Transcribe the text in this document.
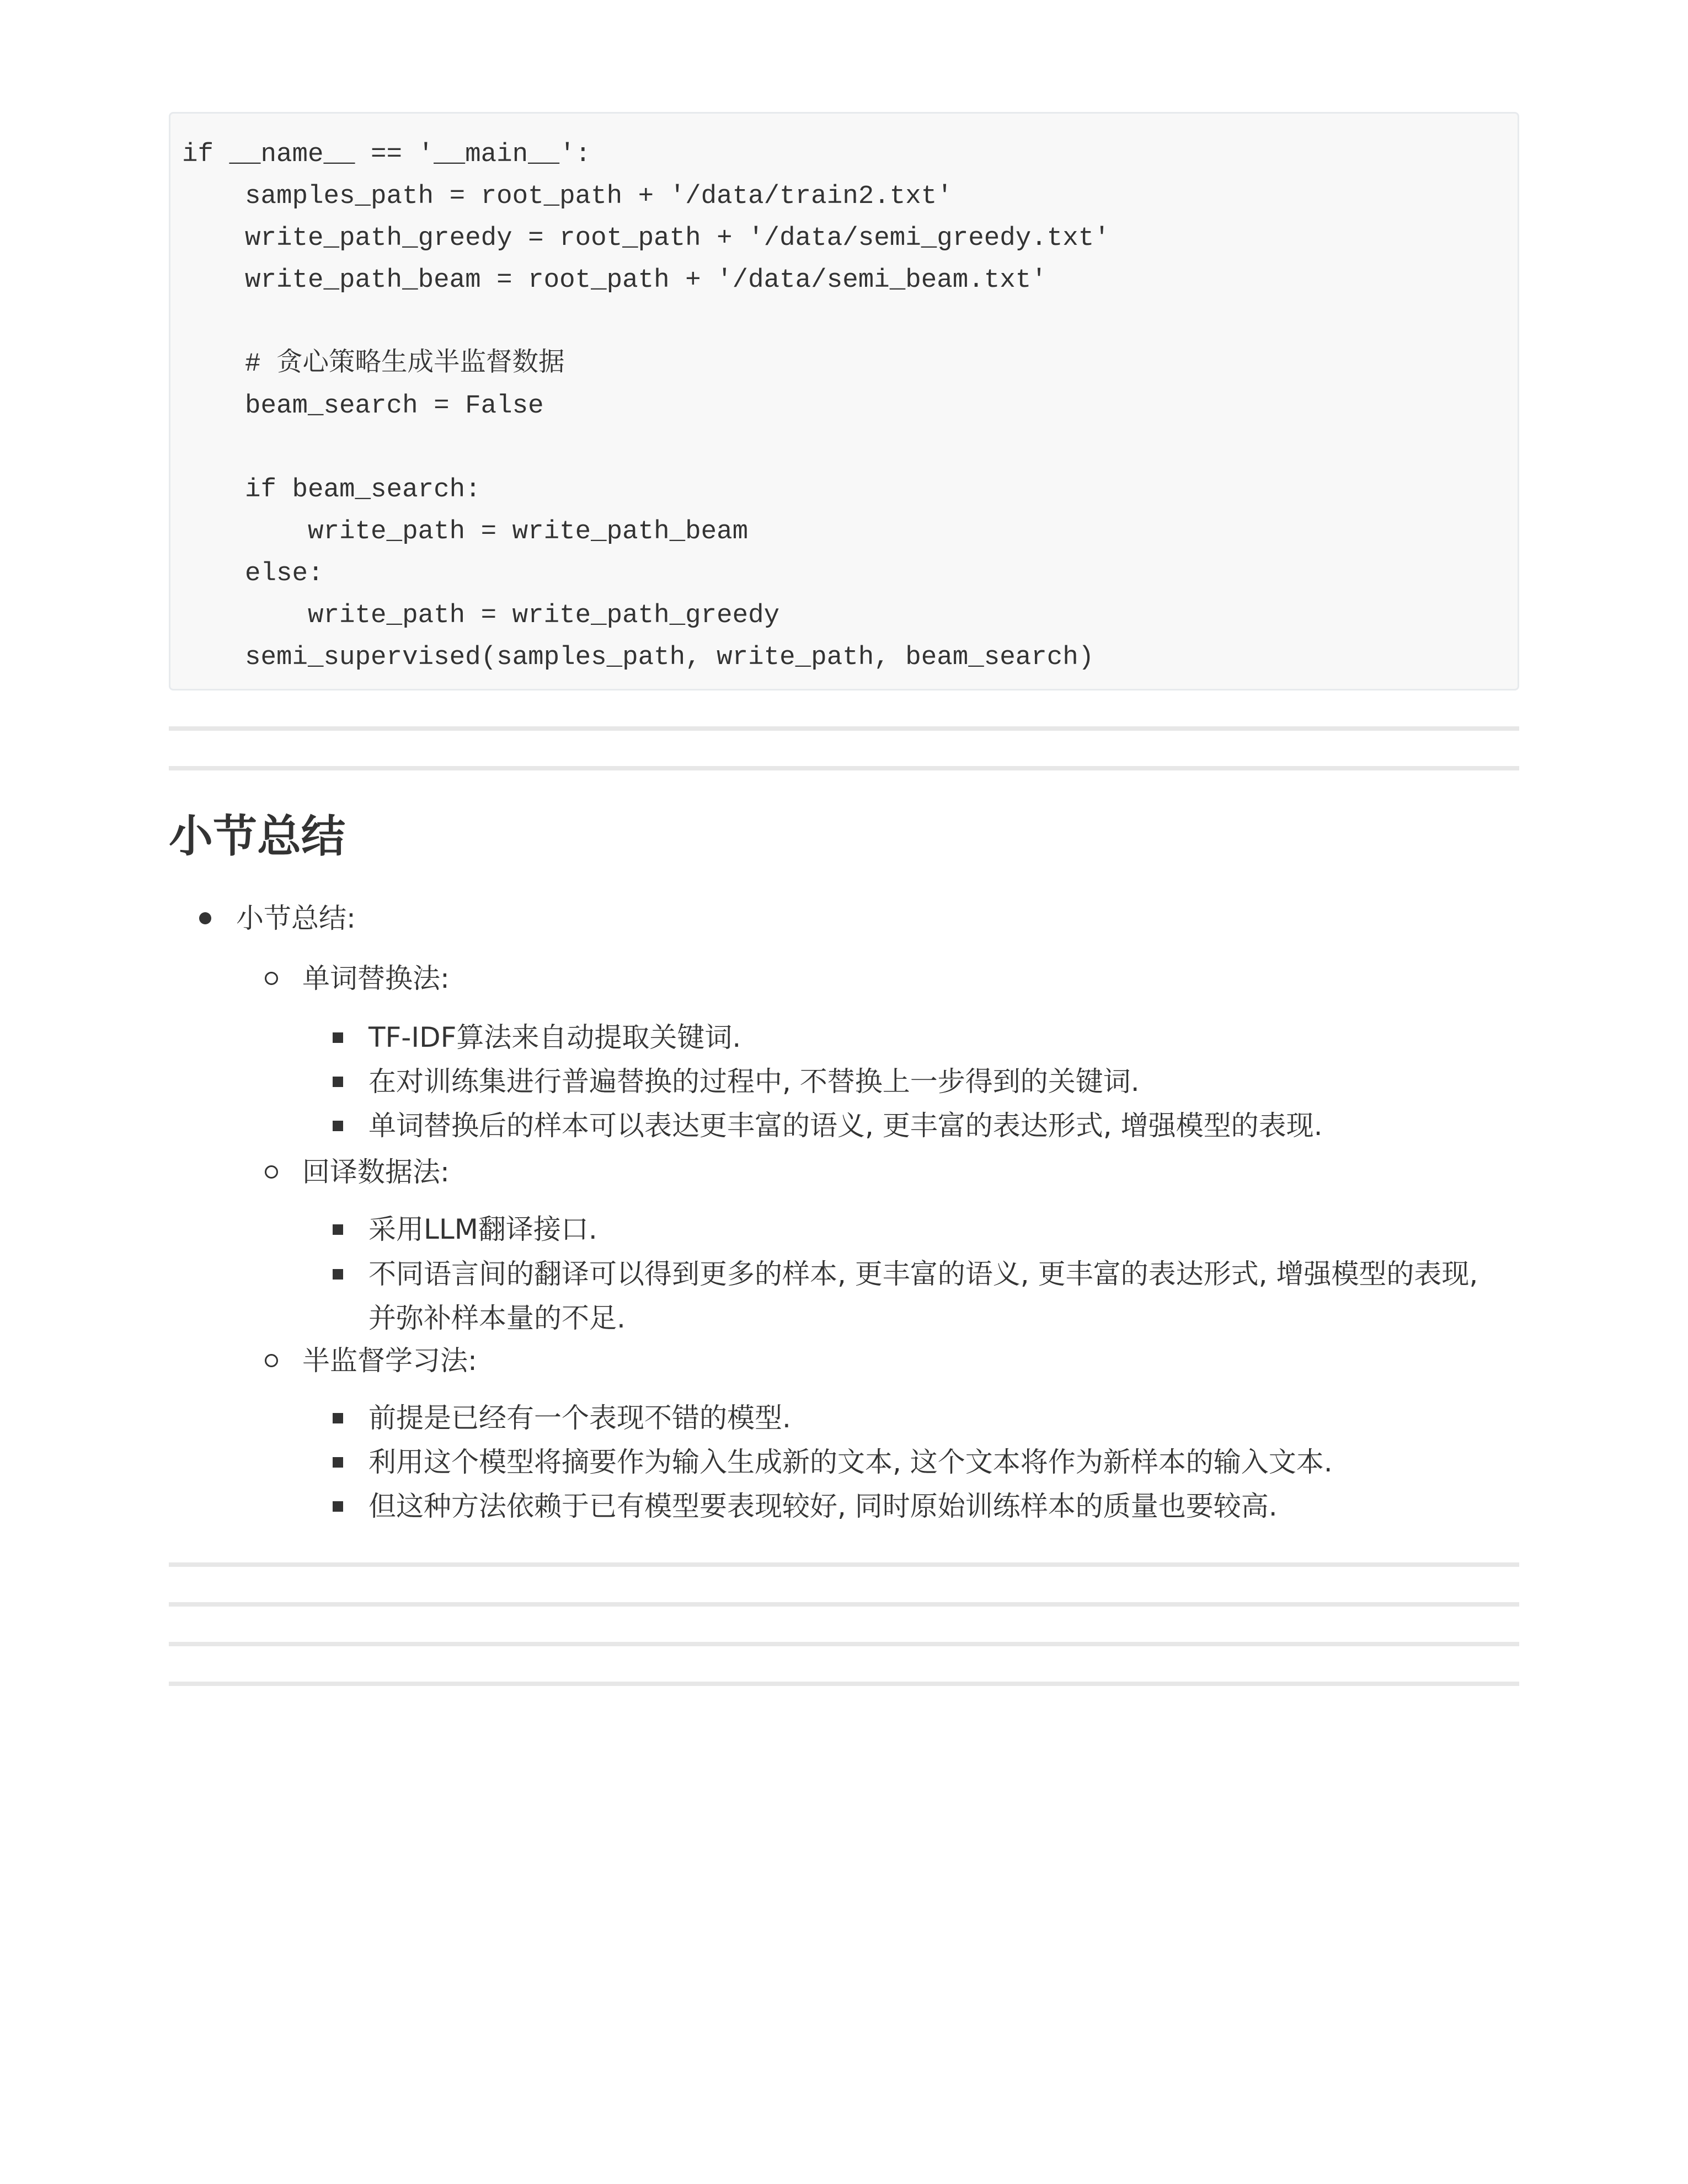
if __name__ == '__main__':
samples_path = root_path + '/data/train2.txt'
write_path_greedy = root_path + '/data/semi_greedy.txt'
write_path_beam = root_path + '/data/semi_beam.txt'
# 贪心策略生成半监督数据
beam_search = False
if beam_search:
write_path = write_path_beam
else:
write_path = write_path_greedy
semi_supervised(samples_path, write_path, beam_search)
小节总结
小节总结:
单词替换法:
TF-IDF算法来自动提取关键词.
在对训练集进行普遍替换的过程中, 不替换上一步得到的关键词.
单词替换后的样本可以表达更丰富的语义, 更丰富的表达形式, 增强模型的表现.
回译数据法:
采用LLM翻译接口.
不同语言间的翻译可以得到更多的样本, 更丰富的语义, 更丰富的表达形式, 增强模型的表现,
并弥补样本量的不足.
半监督学习法:
前提是已经有一个表现不错的模型.
利用这个模型将摘要作为输入生成新的文本, 这个文本将作为新样本的输入文本.
但这种方法依赖于已有模型要表现较好, 同时原始训练样本的质量也要较高.
